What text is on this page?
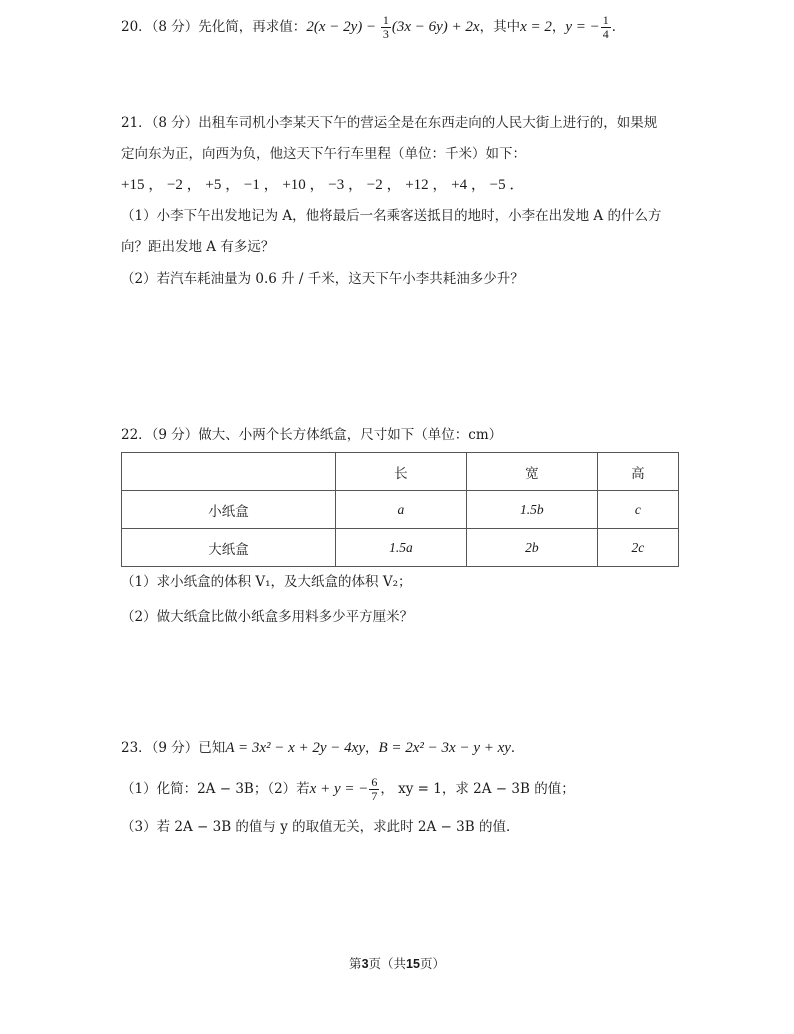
20．（8 分）先化简，再求值：$2(x - 2y) - \frac{1}{3} (3x - 6y) + 2x$，其中x = 2，y = − $\frac{1}{4}$ ．
21．（8 分）出租车司机小李某天下午的营运全是在东西走向的人民大街上进行的，如果规
定向东为正，向西为负，他这天下午行车里程（单位：千米）如下：
+15 ， −2 ， +5 ， −1 ， +10 ， −3 ， −2 ， +12 ， +4 ， −5 ．
（1）小李下午出发地记为 A，他将最后一名乘客送抵目的地时，小李在出发地 A 的什么方
向？距出发地 A 有多远？
（2）若汽车耗油量为 0.6 升 / 千米，这天下午小李共耗油多少升？
22．（9 分）做大、小两个长方体纸盒，尺寸如下（单位：cm）
	长	宽	高
小纸盒	a	1.5b	c
大纸盒	1.5a	2b	2c
（1）求小纸盒的体积 V₁，及大纸盒的体积 V₂；
（2）做大纸盒比做小纸盒多用料多少平方厘米？
23．（9 分）已知A = 3x² − x + 2y − 4xy，B = 2x² − 3x − y + xy．
（1）化简：2A − 3B；（2）若x + y = − $\frac{6}{7}$ ， xy = 1，求 2A − 3B 的值；
（3）若 2A − 3B 的值与 y 的取值无关，求此时 2A − 3B 的值．
第3页（共15页）
